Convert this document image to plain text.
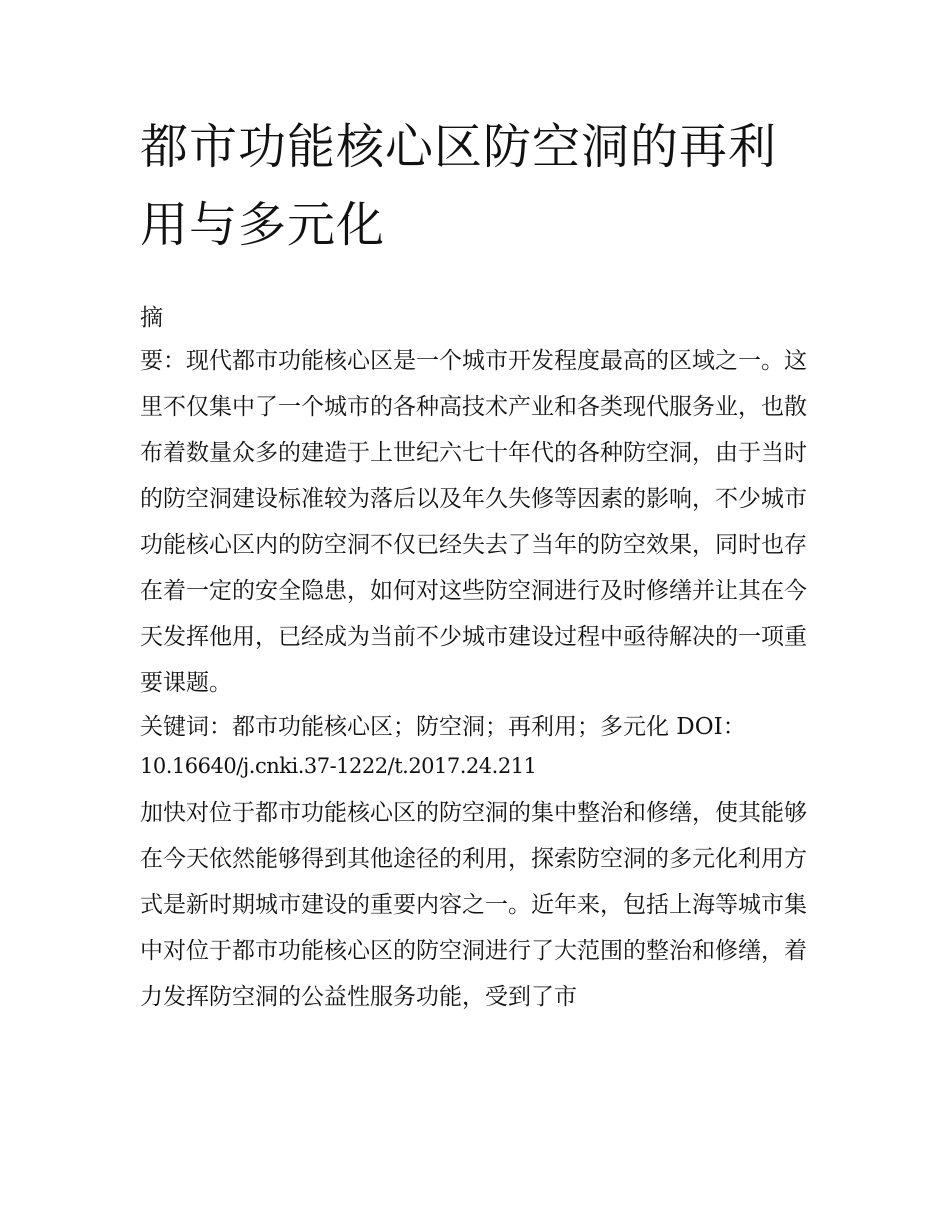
都市功能核心区防空洞的再利用与多元化
摘

要：现代都市功能核心区是一个城市开发程度最高的区域之一。这里不仅集中了一个城市的各种高技术产业和各类现代服务业，也散布着数量众多的建造于上世纪六七十年代的各种防空洞，由于当时的防空洞建设标准较为落后以及年久失修等因素的影响，不少城市功能核心区内的防空洞不仅已经失去了当年的防空效果，同时也存在着一定的安全隐患，如何对这些防空洞进行及时修缮并让其在今天发挥他用，已经成为当前不少城市建设过程中亟待解决的一项重要课题。

关键词：都市功能核心区；防空洞；再利用；多元化 DOI：

10.16640/j.cnki.37-1222/t.2017.24.211

加快对位于都市功能核心区的防空洞的集中整治和修缮，使其能够在今天依然能够得到其他途径的利用，探索防空洞的多元化利用方式是新时期城市建设的重要内容之一。近年来，包括上海等城市集中对位于都市功能核心区的防空洞进行了大范围的整治和修缮，着力发挥防空洞的公益性服务功能，受到了市
